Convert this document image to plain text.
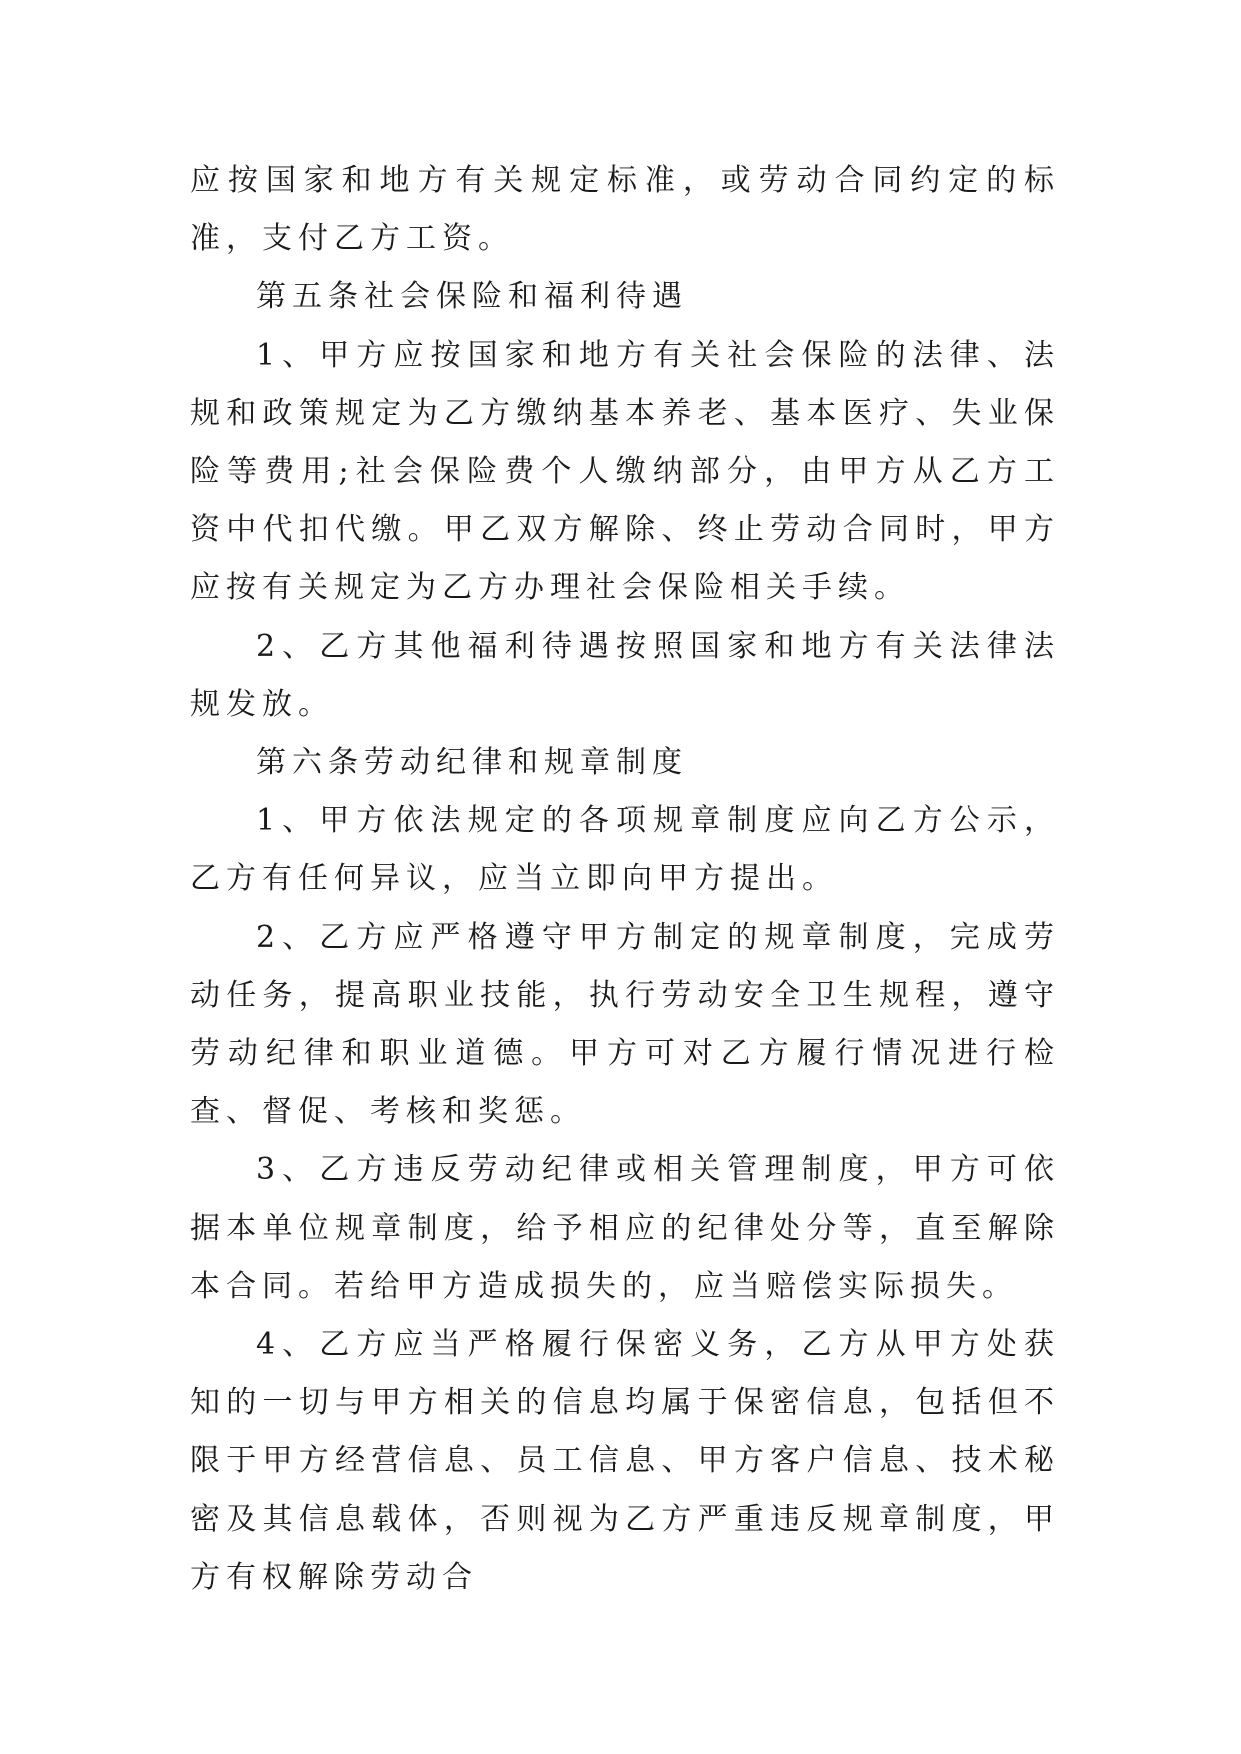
应按国家和地方有关规定标准，或劳动合同约定的标准，支付乙方工资。

第五条社会保险和福利待遇

1、甲方应按国家和地方有关社会保险的法律、法规和政策规定为乙方缴纳基本养老、基本医疗、失业保险等费用;社会保险费个人缴纳部分，由甲方从乙方工资中代扣代缴。甲乙双方解除、终止劳动合同时，甲方应按有关规定为乙方办理社会保险相关手续。

2、乙方其他福利待遇按照国家和地方有关法律法规发放。

第六条劳动纪律和规章制度

1、甲方依法规定的各项规章制度应向乙方公示，乙方有任何异议，应当立即向甲方提出。

2、乙方应严格遵守甲方制定的规章制度，完成劳动任务，提高职业技能，执行劳动安全卫生规程，遵守劳动纪律和职业道德。甲方可对乙方履行情况进行检查、督促、考核和奖惩。

3、乙方违反劳动纪律或相关管理制度，甲方可依据本单位规章制度，给予相应的纪律处分等，直至解除本合同。若给甲方造成损失的，应当赔偿实际损失。

4、乙方应当严格履行保密义务，乙方从甲方处获知的一切与甲方相关的信息均属于保密信息，包括但不限于甲方经营信息、员工信息、甲方客户信息、技术秘密及其信息载体，否则视为乙方严重违反规章制度，甲方有权解除劳动合
